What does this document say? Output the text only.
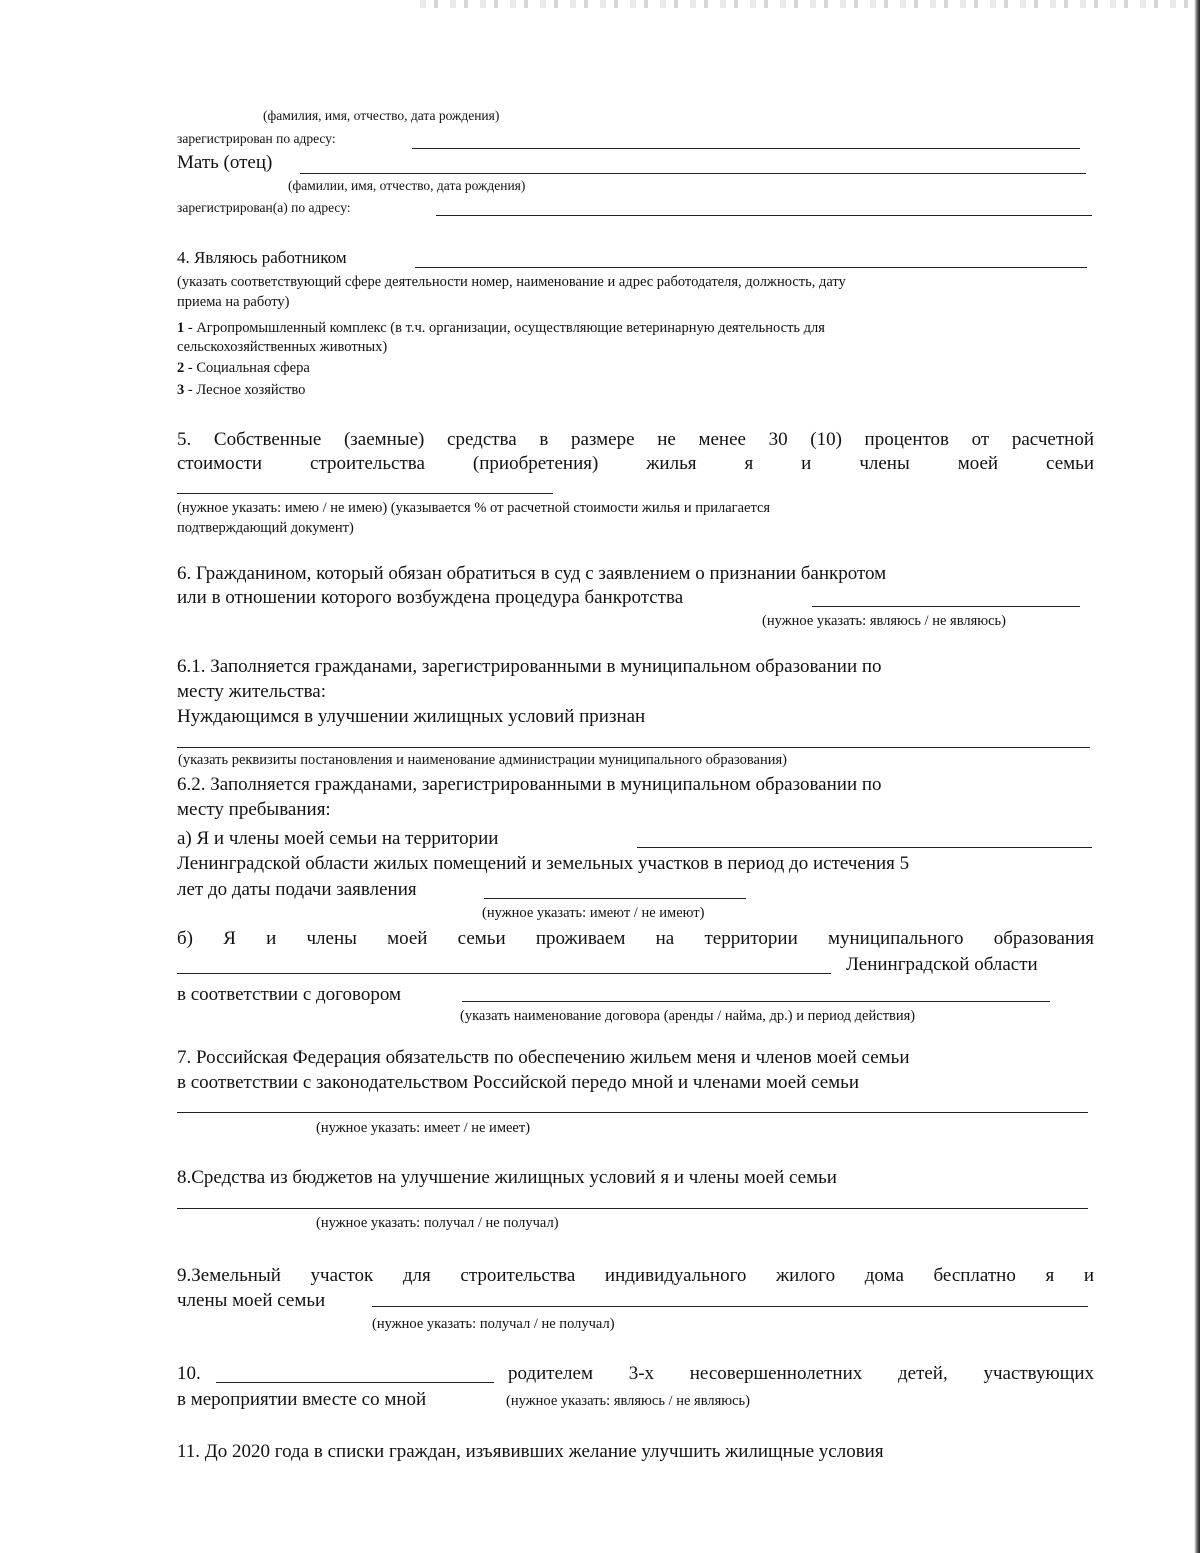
(фамилия, имя, отчество, дата рождения)
зарегистрирован по адресу:
Мать (отец)
(фамилии, имя, отчество, дата рождения)
зарегистрирован(а) по адресу:
4. Являюсь работником
(указать соответствующий сфере деятельности номер, наименование и адрес работодателя, должность, дату
приема на работу)
1 - Агропромышленный комплекс (в т.ч. организации, осуществляющие ветеринарную деятельность для
сельскохозяйственных животных)
2 - Социальная сфера
3 - Лесное хозяйство
5. Собственные (заемные) средства в размере не менее 30 (10) процентов от расчетной
стоимости строительства (приобретения) жилья я и члены моей семьи
(нужное указать: имею / не имею) (указывается % от расчетной стоимости жилья и прилагается
подтверждающий документ)
6. Гражданином, который обязан обратиться в суд с заявлением о признании банкротом
или в отношении которого возбуждена процедура банкротства
(нужное указать: являюсь / не являюсь)
6.1. Заполняется гражданами, зарегистрированными в муниципальном образовании по
месту жительства:
Нуждающимся в улучшении жилищных условий признан
(указать реквизиты постановления и наименование администрации муниципального образования)
6.2. Заполняется гражданами, зарегистрированными в муниципальном образовании по
месту пребывания:
а) Я и члены моей семьи на территории
Ленинградской области жилых помещений и земельных участков в период до истечения 5
лет до даты подачи заявления
(нужное указать: имеют / не имеют)
б) Я и члены моей семьи проживаем на территории муниципального образования
Ленинградской области
в соответствии с договором
(указать наименование договора (аренды / найма, др.) и период действия)
7. Российская Федерация обязательств по обеспечению жильем меня и членов моей семьи
в соответствии с законодательством Российской передо мной и членами моей семьи
(нужное указать: имеет / не имеет)
8.Средства из бюджетов на улучшение жилищных условий я и члены моей семьи
(нужное указать: получал / не получал)
9.Земельный участок для строительства индивидуального жилого дома бесплатно я и
члены моей семьи
(нужное указать: получал / не получал)
10.	родителем 3-х несовершеннолетних детей, участвующих
в мероприятии вместе со мной	(нужное указать: являюсь / не являюсь)
11. До 2020 года в списки граждан, изъявивших желание улучшить жилищные условия
